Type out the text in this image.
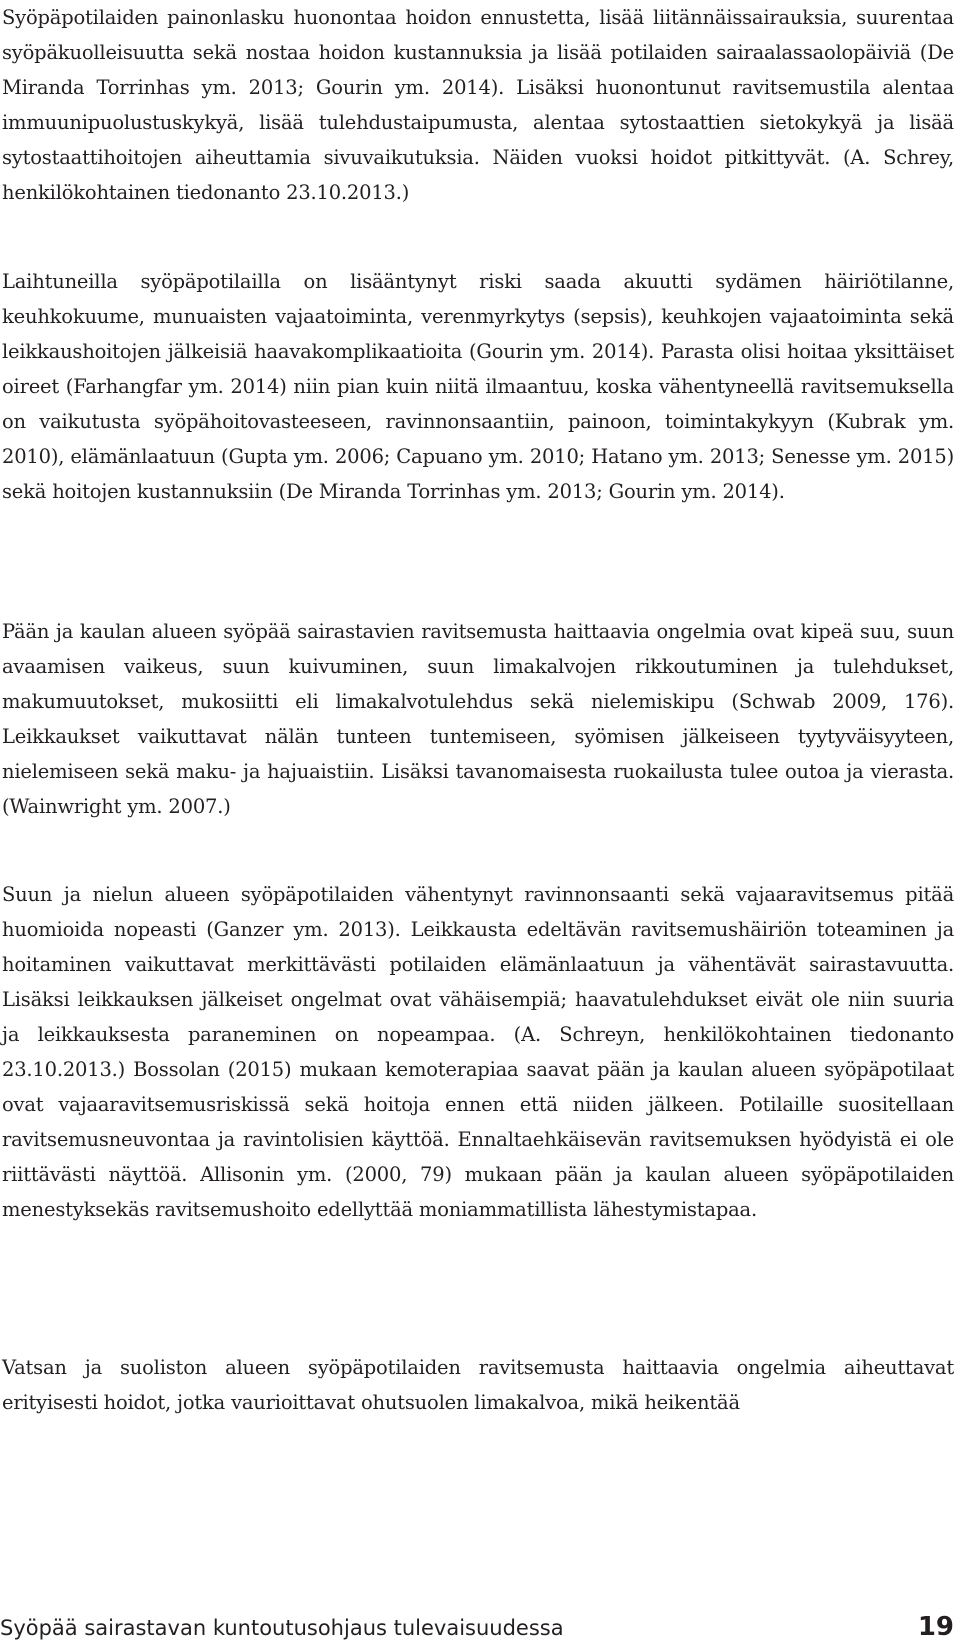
Syöpäpotilaiden painonlasku huonontaa hoidon ennustetta, lisää liitännäissairauksia, suurentaa syöpäkuolleisuutta sekä nostaa hoidon kustannuksia ja lisää potilaiden sairaalassaolopäiviä (De Miranda Torrinhas ym. 2013; Gourin ym. 2014). Lisäksi huonontunut ravitsemustila alentaa immuunipuolustuskykyä, lisää tulehdustaipumusta, alentaa sytostaattien sietokykyä ja lisää sytostaattihoitojen aiheuttamia sivuvaikutuksia. Näiden vuoksi hoidot pitkittyvät. (A. Schrey, henkilökohtainen tiedonanto 23.10.2013.)

Laihtuneilla syöpäpotilailla on lisääntynyt riski saada akuutti sydämen häiriötilanne, keuhkokuume, munuaisten vajaatoiminta, verenmyrkytys (sepsis), keuhkojen vajaatoiminta sekä leikkaushoitojen jälkeisiä haavakomplikaatioita (Gourin ym. 2014). Parasta olisi hoitaa yksittäiset oireet (Farhangfar ym. 2014) niin pian kuin niitä ilmaantuu, koska vähentyneellä ravitsemuksella on vaikutusta syöpähoitovasteeseen, ravinnonsaantiin, painoon, toimintakykyyn (Kubrak ym. 2010), elämänlaatuun (Gupta ym. 2006; Capuano ym. 2010; Hatano ym. 2013; Senesse ym. 2015) sekä hoitojen kustannuksiin (De Miranda Torrinhas ym. 2013; Gourin ym. 2014).

Pään ja kaulan alueen syöpää sairastavien ravitsemusta haittaavia ongelmia ovat kipeä suu, suun avaamisen vaikeus, suun kuivuminen, suun limakalvojen rikkoutuminen ja tulehdukset, makumuutokset, mukosiitti eli limakalvotulehdus sekä nielemiskipu (Schwab 2009, 176). Leikkaukset vaikuttavat nälän tunteen tuntemiseen, syömisen jälkeiseen tyytyväisyyteen, nielemiseen sekä maku- ja hajuaistiin. Lisäksi tavanomaisesta ruokailusta tulee outoa ja vierasta. (Wainwright ym. 2007.)

Suun ja nielun alueen syöpäpotilaiden vähentynyt ravinnonsaanti sekä vajaaravitsemus pitää huomioida nopeasti (Ganzer ym. 2013). Leikkausta edeltävän ravitsemushäiriön toteaminen ja hoitaminen vaikuttavat merkittävästi potilaiden elämänlaatuun ja vähentävät sairastavuutta. Lisäksi leikkauksen jälkeiset ongelmat ovat vähäisempiä; haavatulehdukset eivät ole niin suuria ja leikkauksesta paraneminen on nopeampaa. (A. Schreyn, henkilökohtainen tiedonanto 23.10.2013.) Bossolan (2015) mukaan kemoterapiaa saavat pään ja kaulan alueen syöpäpotilaat ovat vajaaravitsemusriskissä sekä hoitoja ennen että niiden jälkeen. Potilaille suositellaan ravitsemusneuvontaa ja ravintolisien käyttöä. Ennaltaehkäisevän ravitsemuksen hyödyistä ei ole riittävästi näyttöä. Allisonin ym. (2000, 79) mukaan pään ja kaulan alueen syöpäpotilaiden menestyksekäs ravitsemushoito edellyttää moniammatillista lähestymistapaa.

Vatsan ja suoliston alueen syöpäpotilaiden ravitsemusta haittaavia ongelmia aiheuttavat erityisesti hoidot, jotka vaurioittavat ohutsuolen limakalvoa, mikä heikentää

Syöpää sairastavan kuntoutusohjaus tulevaisuudessa	19
